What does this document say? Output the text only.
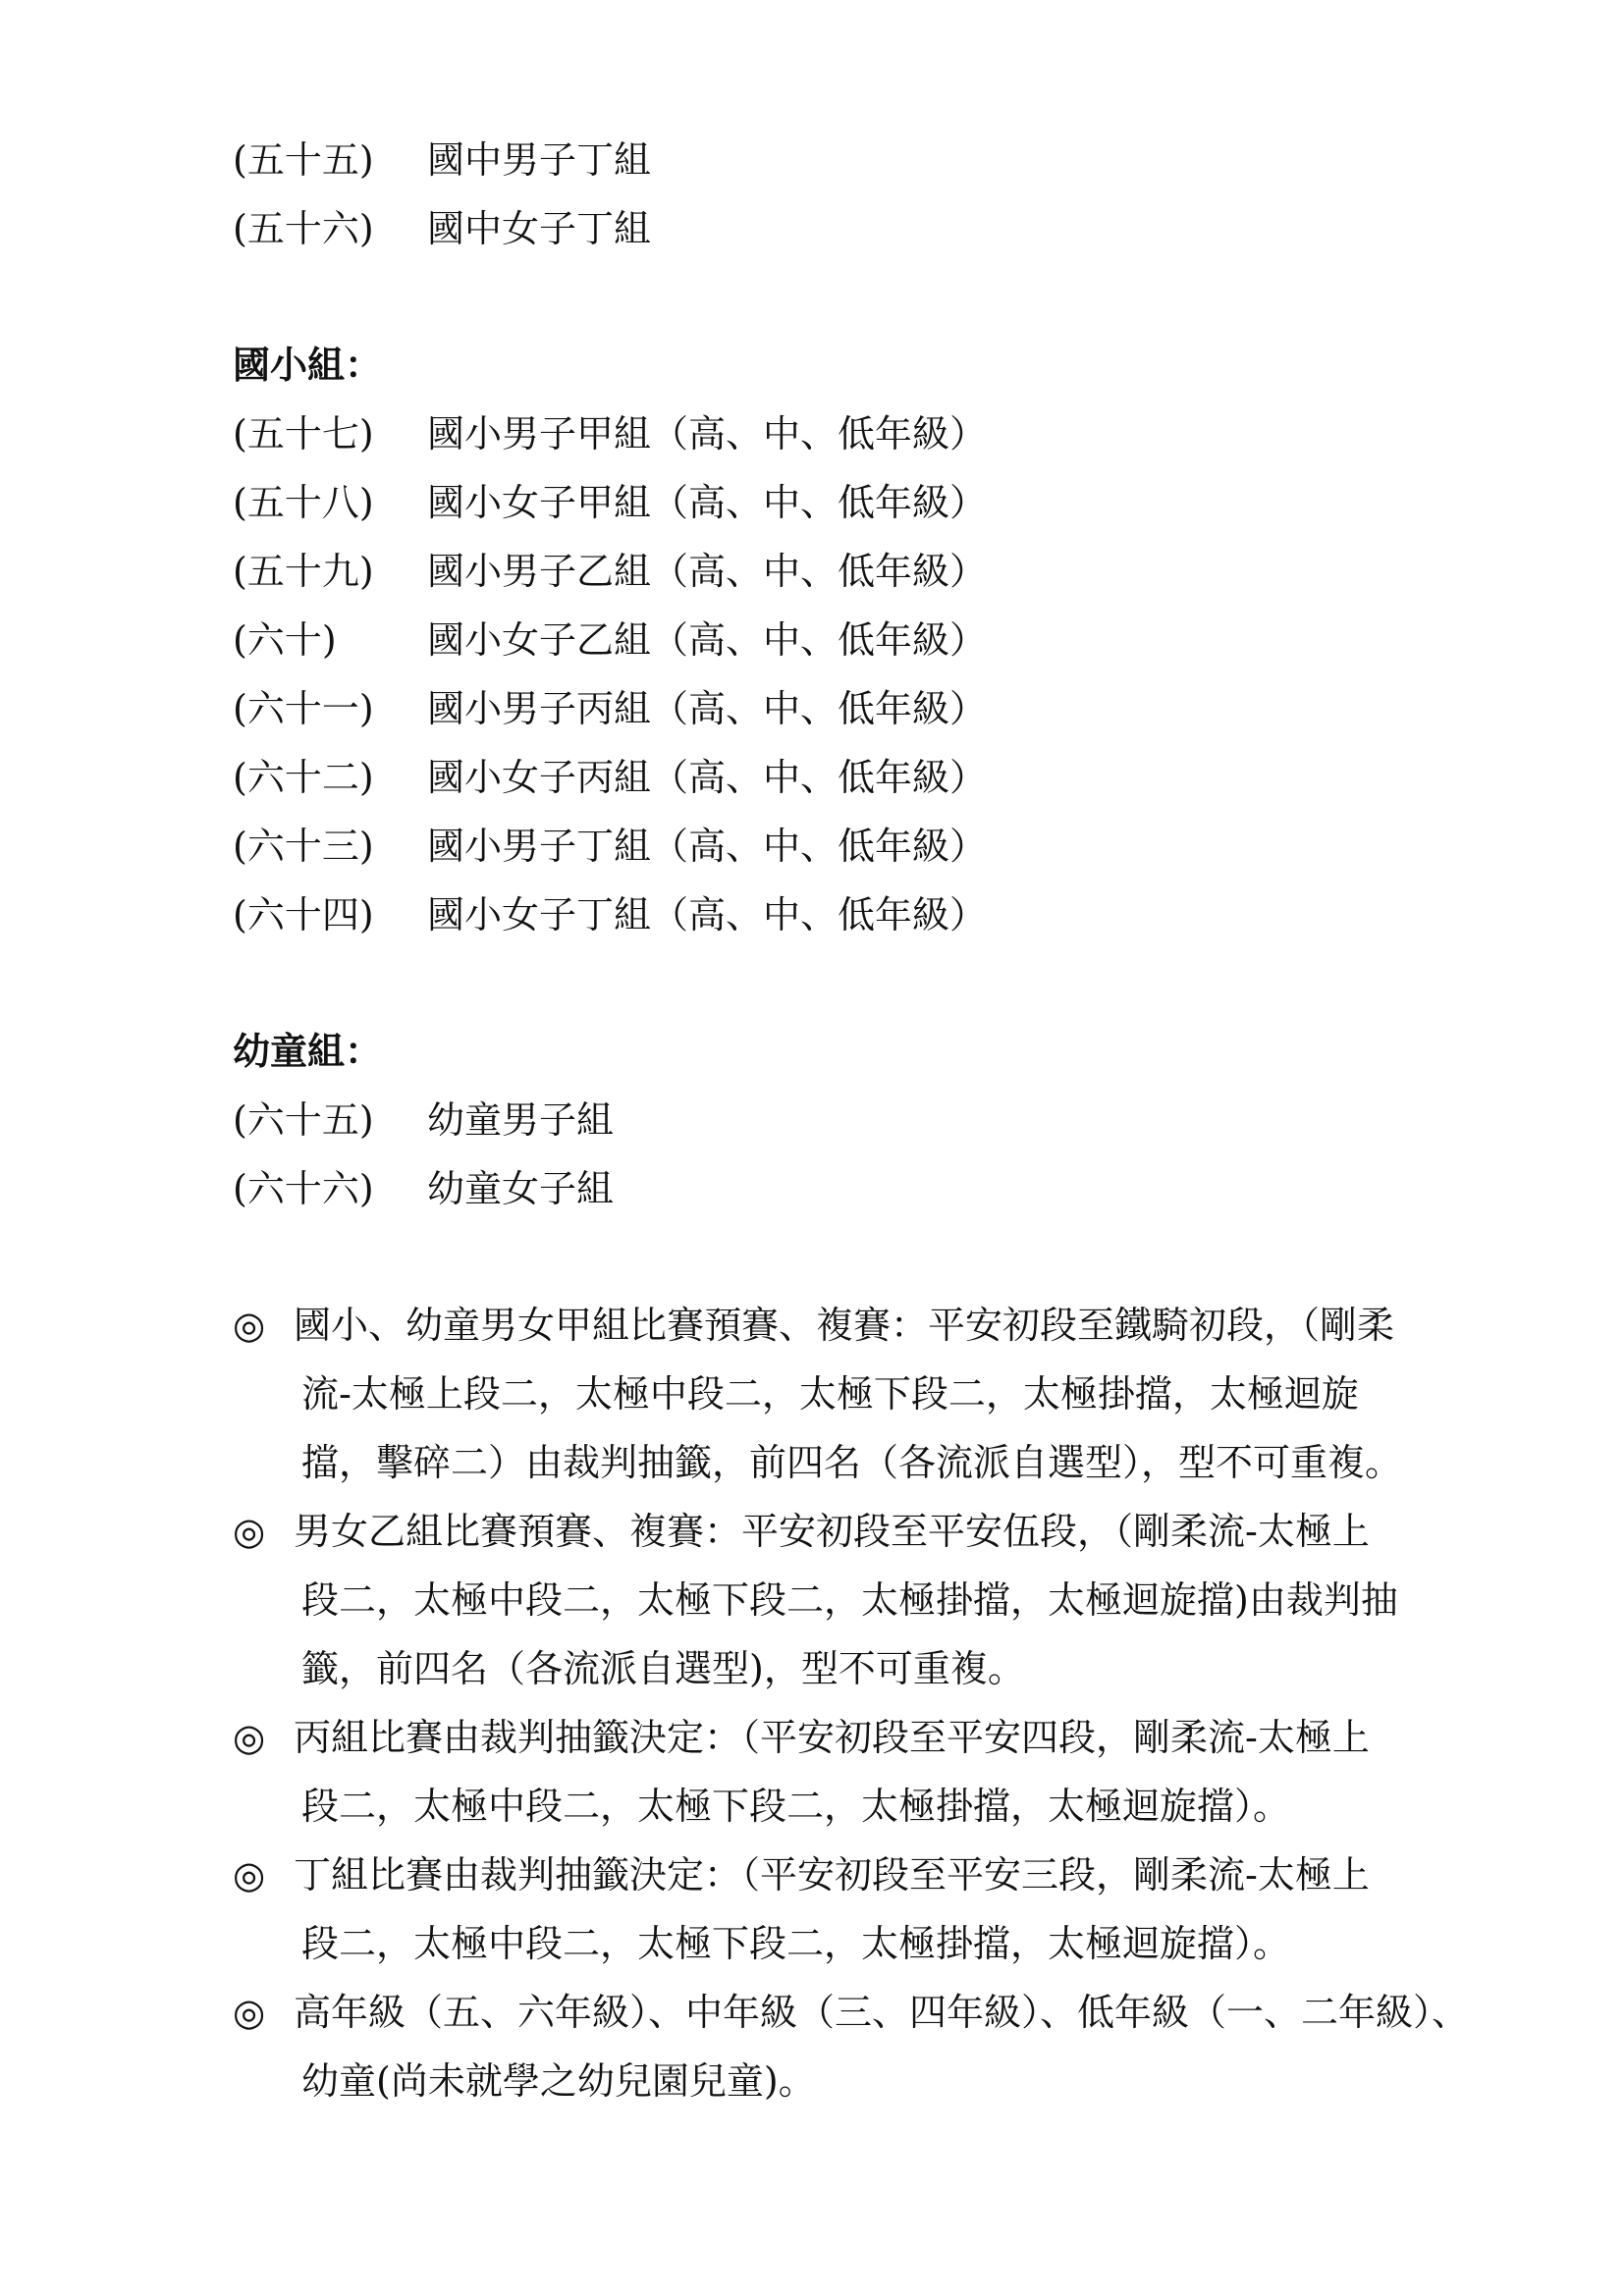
(五十五)	國中男子丁組
(五十六)	國中女子丁組
國小組：
(五十七)	國小男子甲組（高、中、低年級）
(五十八)	國小女子甲組（高、中、低年級）
(五十九)	國小男子乙組（高、中、低年級）
(六十)	國小女子乙組（高、中、低年級）
(六十一)	國小男子丙組（高、中、低年級）
(六十二)	國小女子丙組（高、中、低年級）
(六十三)	國小男子丁組（高、中、低年級）
(六十四)	國小女子丁組（高、中、低年級）
幼童組：
(六十五)	幼童男子組
(六十六)	幼童女子組
◎ 國小、幼童男女甲組比賽預賽、複賽：平安初段至鐵騎初段，（剛柔
流-太極上段二，太極中段二，太極下段二，太極掛擋，太極迴旋
擋，擊碎二）由裁判抽籤，前四名（各流派自選型），型不可重複。
◎ 男女乙組比賽預賽、複賽：平安初段至平安伍段，（剛柔流-太極上
段二，太極中段二，太極下段二，太極掛擋，太極迴旋擋)由裁判抽
籤，前四名（各流派自選型)，型不可重複。
◎ 丙組比賽由裁判抽籤決定：（平安初段至平安四段，剛柔流-太極上
段二，太極中段二，太極下段二，太極掛擋，太極迴旋擋）。
◎ 丁組比賽由裁判抽籤決定：（平安初段至平安三段，剛柔流-太極上
段二，太極中段二，太極下段二，太極掛擋，太極迴旋擋）。
◎ 高年級（五、六年級）、中年級（三、四年級）、低年級（一、二年級）、
幼童(尚未就學之幼兒園兒童)。
